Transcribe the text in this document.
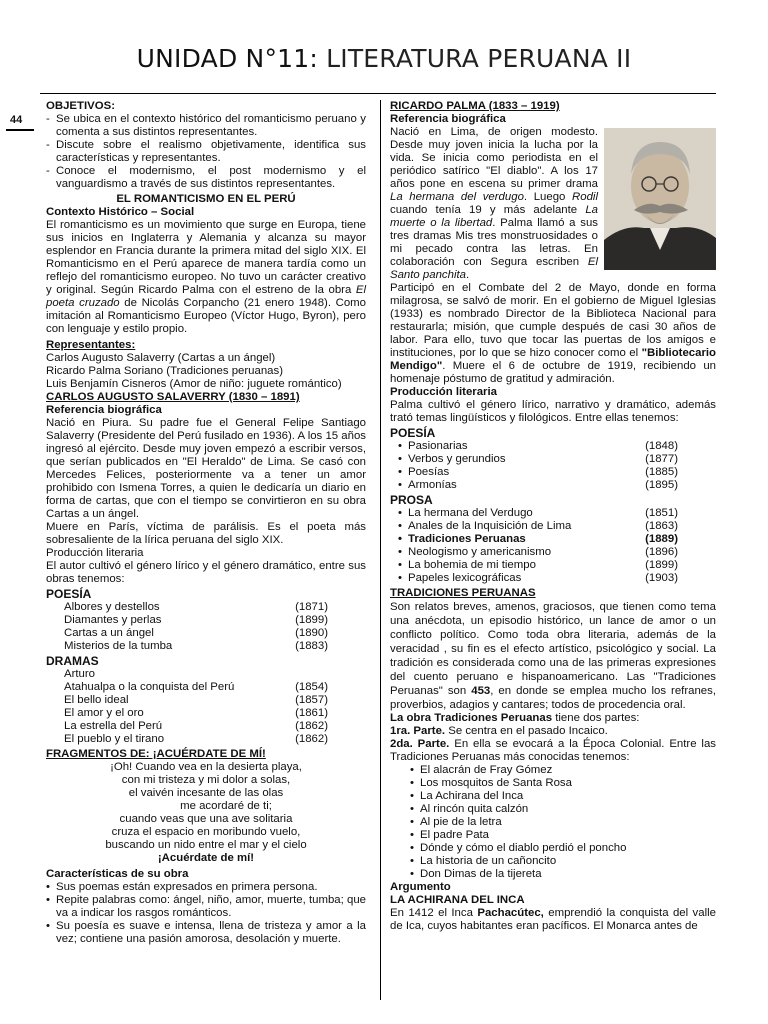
UNIDAD N°11: LITERATURA PERUANA II
44
OBJETIVOS:
- Se ubica en el contexto histórico del romanticismo peruano y comenta a sus distintos representantes.
- Discute sobre el realismo objetivamente, identifica sus características y representantes.
- Conoce el modernismo, el post modernismo y el vanguardismo a través de sus distintos representantes.
EL ROMANTICISMO EN EL PERÚ
Contexto Histórico – Social

El romanticismo es un movimiento que surge en Europa, tiene sus inicios en Inglaterra y Alemania y alcanza su mayor esplendor en Francia durante la primera mitad del siglo XIX. El Romanticismo en el Perú aparece de manera tardía como un reflejo del romanticismo europeo. No tuvo un carácter creativo y original. Según Ricardo Palma con el estreno de la obra El poeta cruzado de Nicolás Corpancho (21 enero 1948). Como imitación al Romanticismo Europeo (Víctor Hugo, Byron), pero con lenguaje y estilo propio.

Representantes:
Carlos Augusto Salaverry (Cartas a un ángel)
Ricardo Palma Soriano (Tradiciones peruanas)
Luis Benjamín Cisneros (Amor de niño: juguete romántico)
CARLOS AUGUSTO SALAVERRY (1830 – 1891)
Referencia biográfica

Nació en Piura. Su padre fue el General Felipe Santiago Salaverry (Presidente del Perú fusilado en 1936). A los 15 años ingresó al ejército. Desde muy joven empezó a escribir versos, que serían publicados en "El Heraldo" de Lima. Se casó con Mercedes Felices, posteriormente va a tener un amor prohibido con Ismena Torres, a quien le dedicaría un diario en forma de cartas, que con el tiempo se convirtieron en su obra Cartas a un ángel.

Muere en París, víctima de parálisis. Es el poeta más sobresaliente de la lírica peruana del siglo XIX.

Producción literaria

El autor cultivó el género lírico y el género dramático, entre sus obras tenemos:

POESÍA
Albores y destellos	(1871)
Diamantes y perlas	(1899)
Cartas a un ángel	(1890)
Misterios de la tumba	(1883)
DRAMAS
Arturo
Atahualpa o la conquista del Perú	(1854)
El bello ideal	(1857)
El amor y el oro	(1861)
La estrella del Perú	(1862)
El pueblo y el tirano	(1862)
FRAGMENTOS DE: ¡ACUÉRDATE DE MÍ!
¡Oh! Cuando vea en la desierta playa,
con mi tristeza y mi dolor a solas,
el vaivén incesante de las olas
me acordaré de ti;
cuando veas que una ave solitaria
cruza el espacio en moribundo vuelo,
buscando un nido entre el mar y el cielo
¡Acuérdate de mí!
Características de su obra
• Sus poemas están expresados en primera persona.
• Repite palabras como: ángel, niño, amor, muerte, tumba; que va a indicar los rasgos románticos.
• Su poesía es suave e intensa, llena de tristeza y amor a la vez; contiene una pasión amorosa, desolación y muerte.
RICARDO PALMA (1833 – 1919)
Referencia biográfica

Nació en Lima, de origen modesto. Desde muy joven inicia la lucha por la vida. Se inicia como periodista en el periódico satírico "El diablo". A los 17 años pone en escena su primer drama La hermana del verdugo. Luego Rodil cuando tenía 19 y más adelante La muerte o la libertad. Palma llamó a sus tres dramas Mis tres monstruosidades o mi pecado contra las letras. En colaboración con Segura escriben El Santo panchita.

Participó en el Combate del 2 de Mayo, donde en forma milagrosa, se salvó de morir. En el gobierno de Miguel Iglesias (1933) es nombrado Director de la Biblioteca Nacional para restaurarla; misión, que cumple después de casi 30 años de labor. Para ello, tuvo que tocar las puertas de los amigos e instituciones, por lo que se hizo conocer como el "Bibliotecario Mendigo". Muere el 6 de octubre de 1919, recibiendo un homenaje póstumo de gratitud y admiración.

Producción literaria

Palma cultivó el género lírico, narrativo y dramático, además trató temas lingüísticos y filológicos. Entre ellas tenemos:

POESÍA
• Pasionarias	(1848)
• Verbos y gerundios	(1877)
• Poesías	(1885)
• Armonías	(1895)
PROSA
• La hermana del Verdugo	(1851)
• Anales de la Inquisición de Lima	(1863)
• Tradiciones Peruanas	(1889)
• Neologismo y americanismo	(1896)
• La bohemia de mi tiempo	(1899)
• Papeles lexicográficas	(1903)
TRADICIONES PERUANAS

Son relatos breves, amenos, graciosos, que tienen como tema una anécdota, un episodio histórico, un lance de amor o un conflicto político. Como toda obra literaria, además de la veracidad , su fin es el efecto artístico, psicológico y social. La tradición es considerada como una de las primeras expresiones del cuento peruano e hispanoamericano. Las "Tradiciones Peruanas" son 453, en donde se emplea mucho los refranes, proverbios, adagios y cantares; todos de procedencia oral.

La obra Tradiciones Peruanas tiene dos partes:
1ra. Parte. Se centra en el pasado Incaico.

2da. Parte. En ella se evocará a la Época Colonial. Entre las Tradiciones Peruanas más conocidas tenemos:

• El alacrán de Fray Gómez
• Los mosquitos de Santa Rosa
• La Achirana del Inca
• Al rincón quita calzón
• Al pie de la letra
• El padre Pata
• Dónde y cómo el diablo perdió el poncho
• La historia de un cañoncito
• Don Dimas de la tijereta
Argumento
LA ACHIRANA DEL INCA

En 1412 el Inca Pachacútec, emprendió la conquista del valle de Ica, cuyos habitantes eran pacíficos. El Monarca antes de
